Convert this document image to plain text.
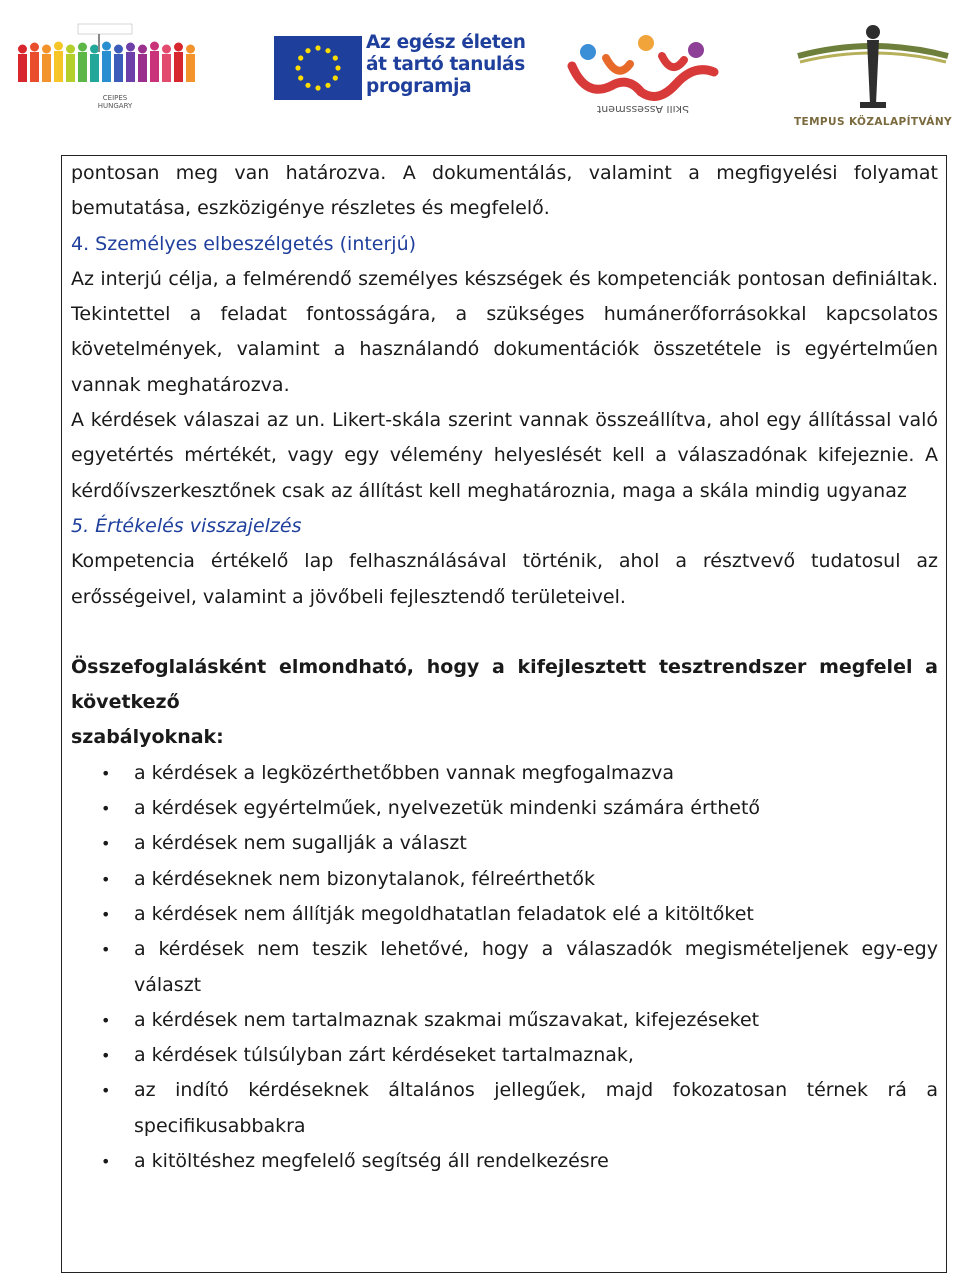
CEIPES
HUNGARY
Az egész életen
át tartó tanulás
programja
Skill Assessment
TEMPUS KÖZALAPÍTVÁNY

pontosan meg van határozva. A dokumentálás, valamint a megfigyelési folyamat bemutatása, eszközigénye részletes és megfelelő.

4. Személyes elbeszélgetés (interjú)

Az interjú célja, a felmérendő személyes készségek és kompetenciák pontosan definiáltak. Tekintettel a feladat fontosságára, a szükséges humánerőforrásokkal kapcsolatos követelmények, valamint a használandó dokumentációk összetétele is egyértelműen vannak meghatározva.

A kérdések válaszai az un. Likert-skála szerint vannak összeállítva, ahol egy állítással való egyetértés mértékét, vagy egy vélemény helyeslését kell a válaszadónak kifejeznie. A kérdőívszerkesztőnek csak az állítást kell meghatároznia, maga a skála mindig ugyanaz

5. Értékelés visszajelzés

Kompetencia értékelő lap felhasználásával történik, ahol a résztvevő tudatosul az erősségeivel, valamint a jövőbeli fejlesztendő területeivel.

Összefoglalásként elmondható, hogy a kifejlesztett tesztrendszer megfelel a következő

szabályoknak:

• a kérdések a legközérthetőbben vannak megfogalmazva
• a kérdések egyértelműek, nyelvezetük mindenki számára érthető
• a kérdések nem sugallják a választ
• a kérdéseknek nem bizonytalanok, félreérthetők
• a kérdések nem állítják megoldhatatlan feladatok elé a kitöltőket
• a kérdések nem teszik lehetővé, hogy a válaszadók megismételjenek egy-egy választ
• a kérdések nem tartalmaznak szakmai műszavakat, kifejezéseket
• a kérdések túlsúlyban zárt kérdéseket tartalmaznak,
• az indító kérdéseknek általános jellegűek, majd fokozatosan térnek rá a specifikusabbakra
• a kitöltéshez megfelelő segítség áll rendelkezésre
